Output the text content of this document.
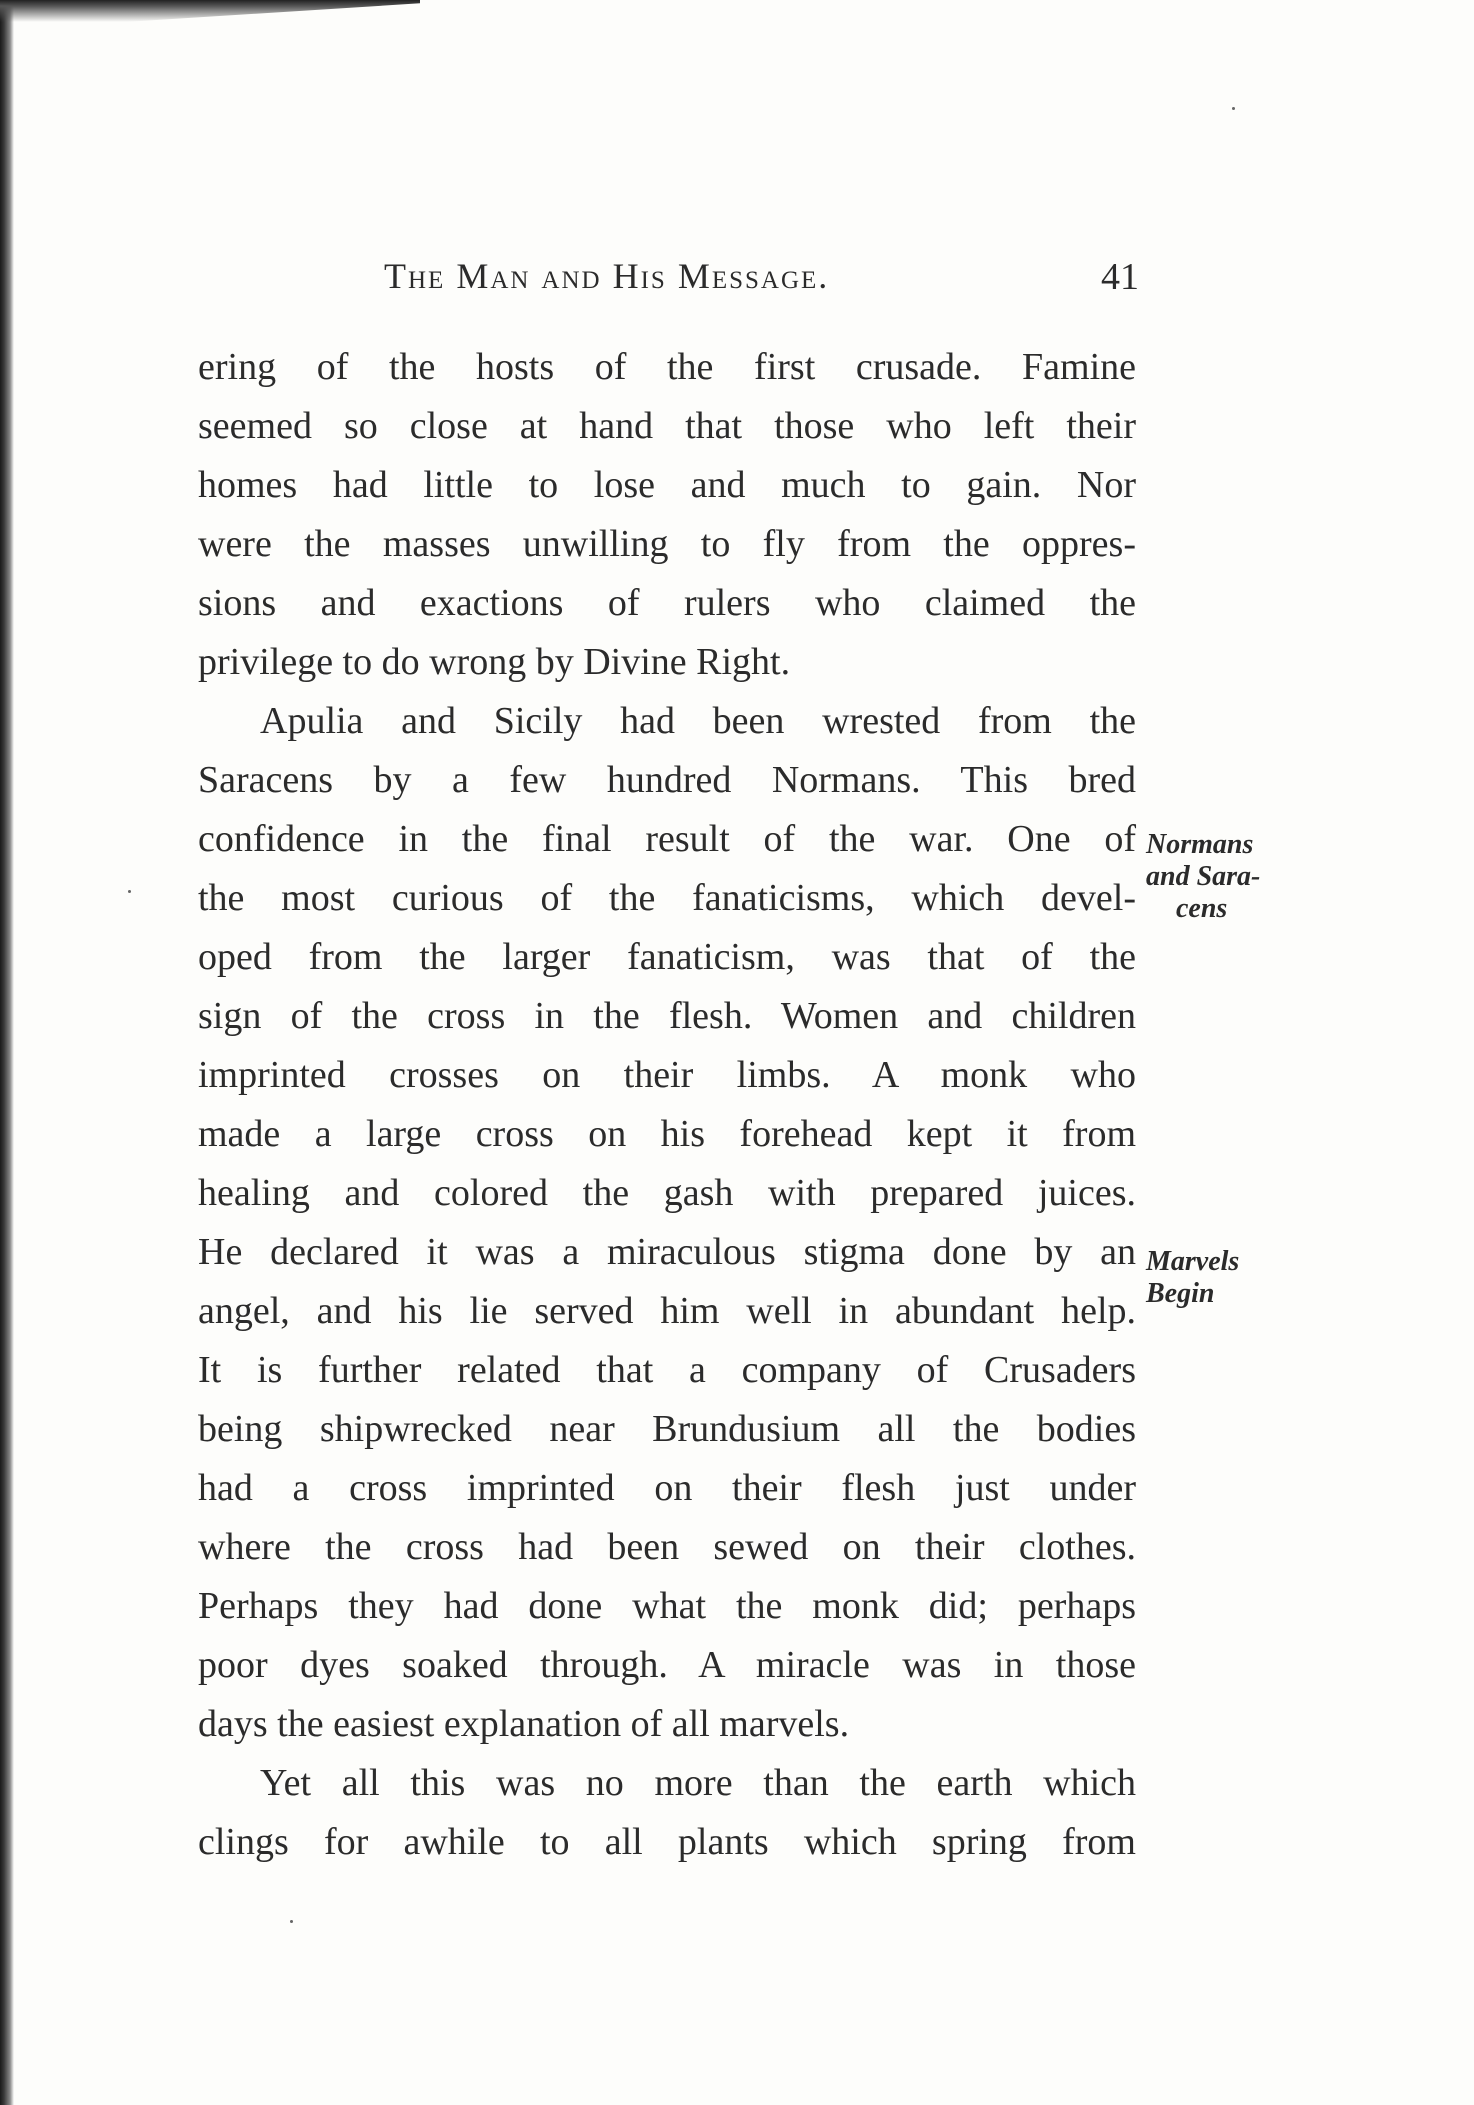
The Man and His Message.	41
ering of the hosts of the first crusade. Famine
seemed so close at hand that those who left their
homes had little to lose and much to gain. Nor
were the masses unwilling to fly from the oppres-
sions and exactions of rulers who claimed the
privilege to do wrong by Divine Right.
Apulia and Sicily had been wrested from the
Saracens by a few hundred Normans. This bred
confidence in the final result of the war. One of
the most curious of the fanaticisms, which devel-
oped from the larger fanaticism, was that of the
sign of the cross in the flesh. Women and children
imprinted crosses on their limbs. A monk who
made a large cross on his forehead kept it from
healing and colored the gash with prepared juices.
He declared it was a miraculous stigma done by an
angel, and his lie served him well in abundant help.
It is further related that a company of Crusaders
being shipwrecked near Brundusium all the bodies
had a cross imprinted on their flesh just under
where the cross had been sewed on their clothes.
Perhaps they had done what the monk did; perhaps
poor dyes soaked through. A miracle was in those
days the easiest explanation of all marvels.
Yet all this was no more than the earth which
clings for awhile to all plants which spring from
Normans
and Sara-
cens
Marvels
Begin
